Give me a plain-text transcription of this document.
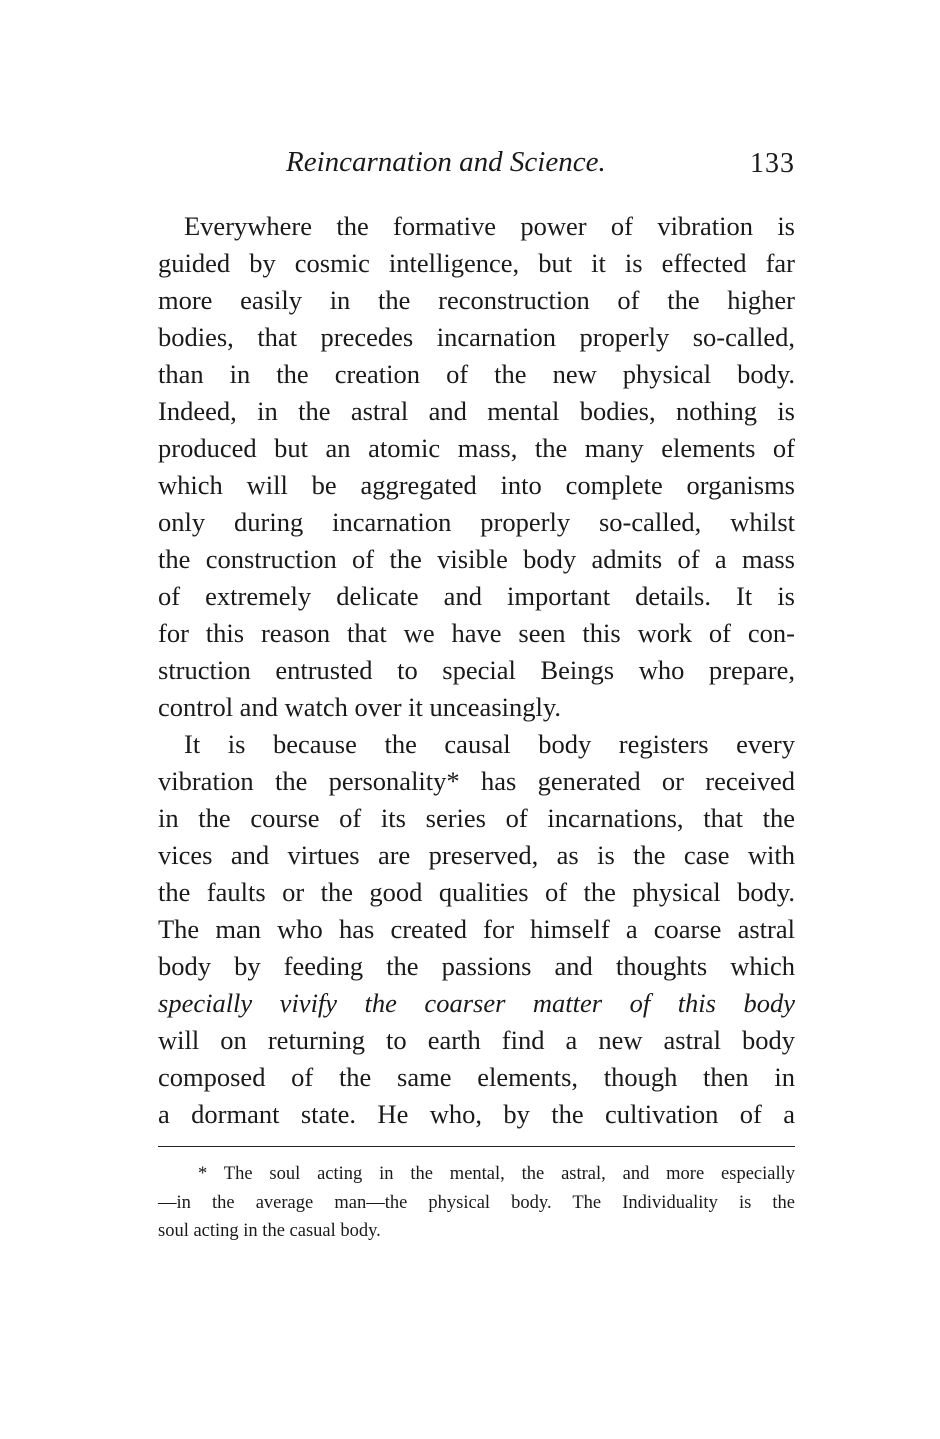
Reincarnation and Science.	133
Everywhere the formative power of vibration is
guided by cosmic intelligence, but it is effected far
more easily in the reconstruction of the higher
bodies, that precedes incarnation properly so-called,
than in the creation of the new physical body.
Indeed, in the astral and mental bodies, nothing is
produced but an atomic mass, the many elements of
which will be aggregated into complete organisms
only during incarnation properly so-called, whilst
the construction of the visible body admits of a mass
of extremely delicate and important details. It is
for this reason that we have seen this work of con-
struction entrusted to special Beings who prepare,
control and watch over it unceasingly.
It is because the causal body registers every
vibration the personality* has generated or received
in the course of its series of incarnations, that the
vices and virtues are preserved, as is the case with
the faults or the good qualities of the physical body.
The man who has created for himself a coarse astral
body by feeding the passions and thoughts which
specially vivify the coarser matter of this body
will on returning to earth find a new astral body
composed of the same elements, though then in
a dormant state. He who, by the cultivation of a
* The soul acting in the mental, the astral, and more especially
—in the average man—the physical body. The Individuality is the
soul acting in the casual body.
